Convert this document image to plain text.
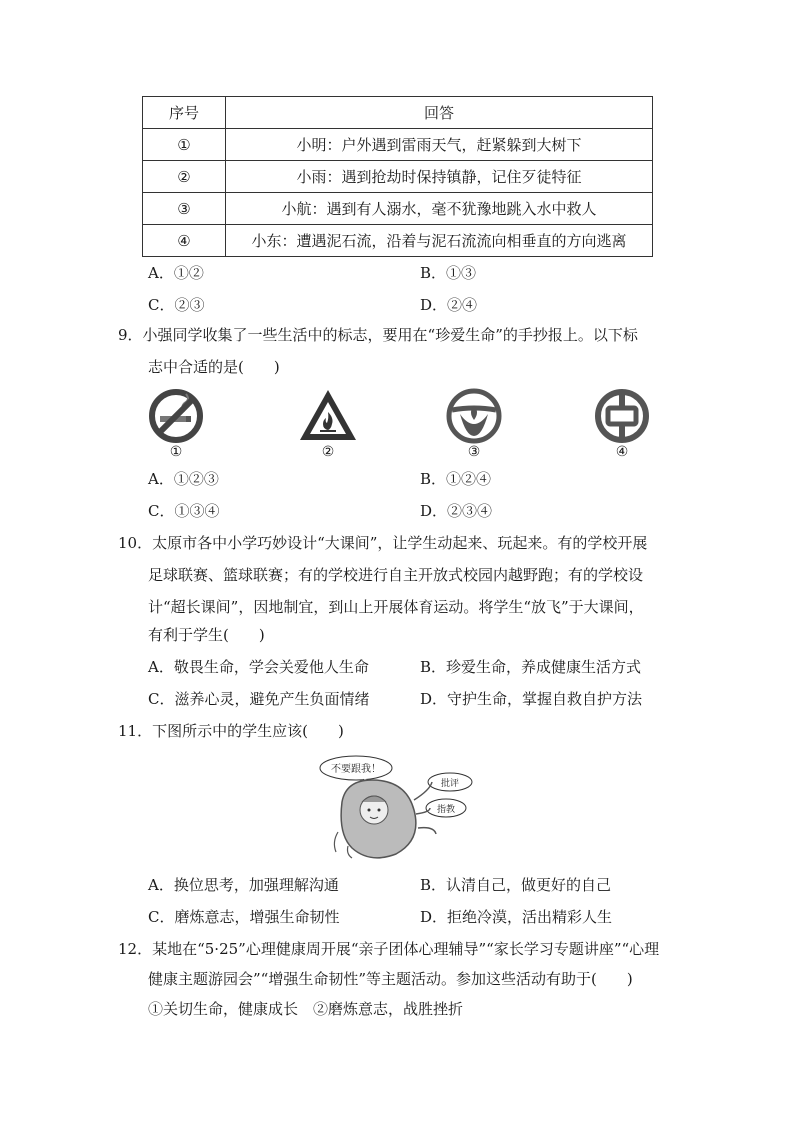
序号	回答
①	小明：户外遇到雷雨天气，赶紧躲到大树下
②	小雨：遇到抢劫时保持镇静，记住歹徒特征
③	小航：遇到有人溺水，毫不犹豫地跳入水中救人
④	小东：遭遇泥石流，沿着与泥石流流向相垂直的方向逃离
A．①②	B．①③
C．②③	D．②④
9．小强同学收集了一些生活中的标志，要用在“珍爱生命”的手抄报上。以下标
志中合适的是(　　)
①	②	③	④
A．①②③	B．①②④
C．①③④	D．②③④
10．太原市各中小学巧妙设计“大课间”，让学生动起来、玩起来。有的学校开展
足球联赛、篮球联赛；有的学校进行自主开放式校园内越野跑；有的学校设
计“超长课间”，因地制宜，到山上开展体育运动。将学生“放飞”于大课间，
有利于学生(　　)
A．敬畏生命，学会关爱他人生命	B．珍爱生命，养成健康生活方式
C．滋养心灵，避免产生负面情绪	D．守护生命，掌握自救自护方法
11．下图所示中的学生应该(　　)
不要跟我！
批评
指教
A．换位思考，加强理解沟通	B．认清自己，做更好的自己
C．磨炼意志，增强生命韧性	D．拒绝冷漠，活出精彩人生
12．某地在“5·25”心理健康周开展“亲子团体心理辅导”“家长学习专题讲座”“心理
健康主题游园会”“增强生命韧性”等主题活动。参加这些活动有助于(　　)
①关切生命，健康成长　②磨炼意志，战胜挫折
